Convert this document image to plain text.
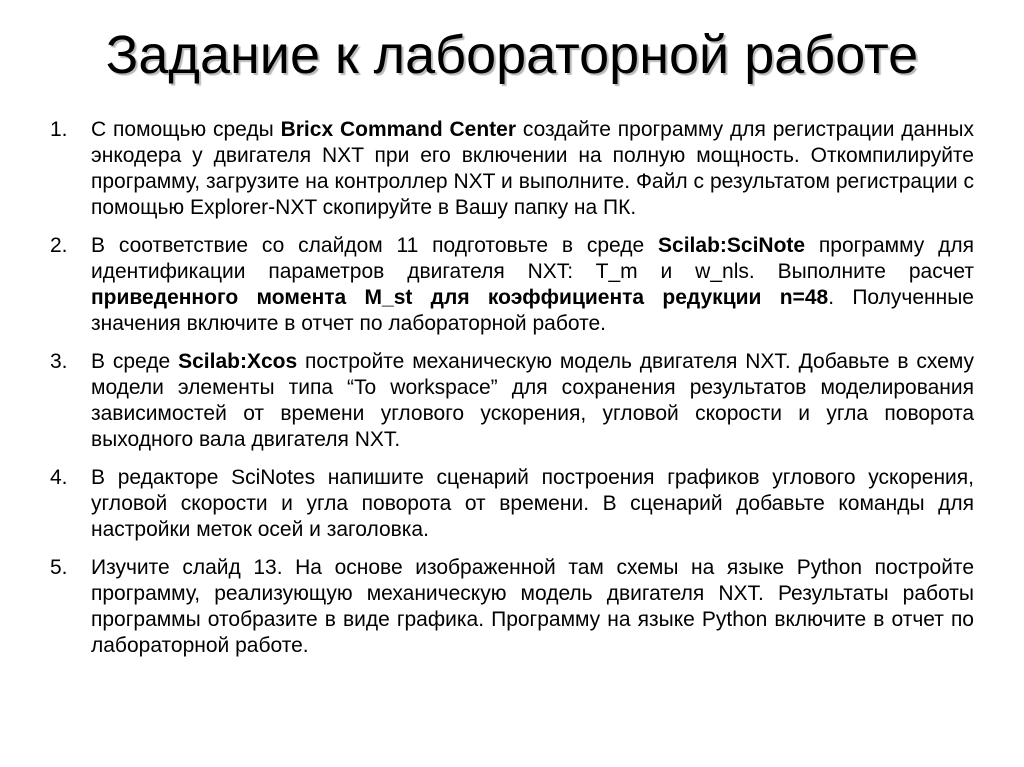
Задание к лабораторной работе
1.	С помощью среды Bricx Command Center создайте программу для регистрации данных энкодера у двигателя NXT при его включении на полную мощность. Откомпилируйте программу, загрузите на контроллер NXT и выполните. Файл с результатом регистрации с помощью Explorer-NXT скопируйте в Вашу папку на ПК.
2.	В соответствие со слайдом 11 подготовьте в среде Scilab:SciNote программу для идентификации параметров двигателя NXT: T_m и w_nls. Выполните расчет приведенного момента M_st для коэффициента редукции n=48. Полученные значения включите в отчет по лабораторной работе.
3.	В среде Scilab:Xcos постройте механическую модель двигателя NXT. Добавьте в схему модели элементы типа “To workspace” для сохранения результатов моделирования зависимостей от времени углового ускорения, угловой скорости и угла поворота выходного вала двигателя NXT.
4.	В редакторе SciNotes напишите сценарий построения графиков углового ускорения, угловой скорости и угла поворота от времени. В сценарий добавьте команды для настройки меток осей и заголовка.
5.	Изучите слайд 13. На основе изображенной там схемы на языке Python постройте программу, реализующую механическую модель двигателя NXT. Результаты работы программы отобразите в виде графика. Программу на языке Python включите в отчет по лабораторной работе.
